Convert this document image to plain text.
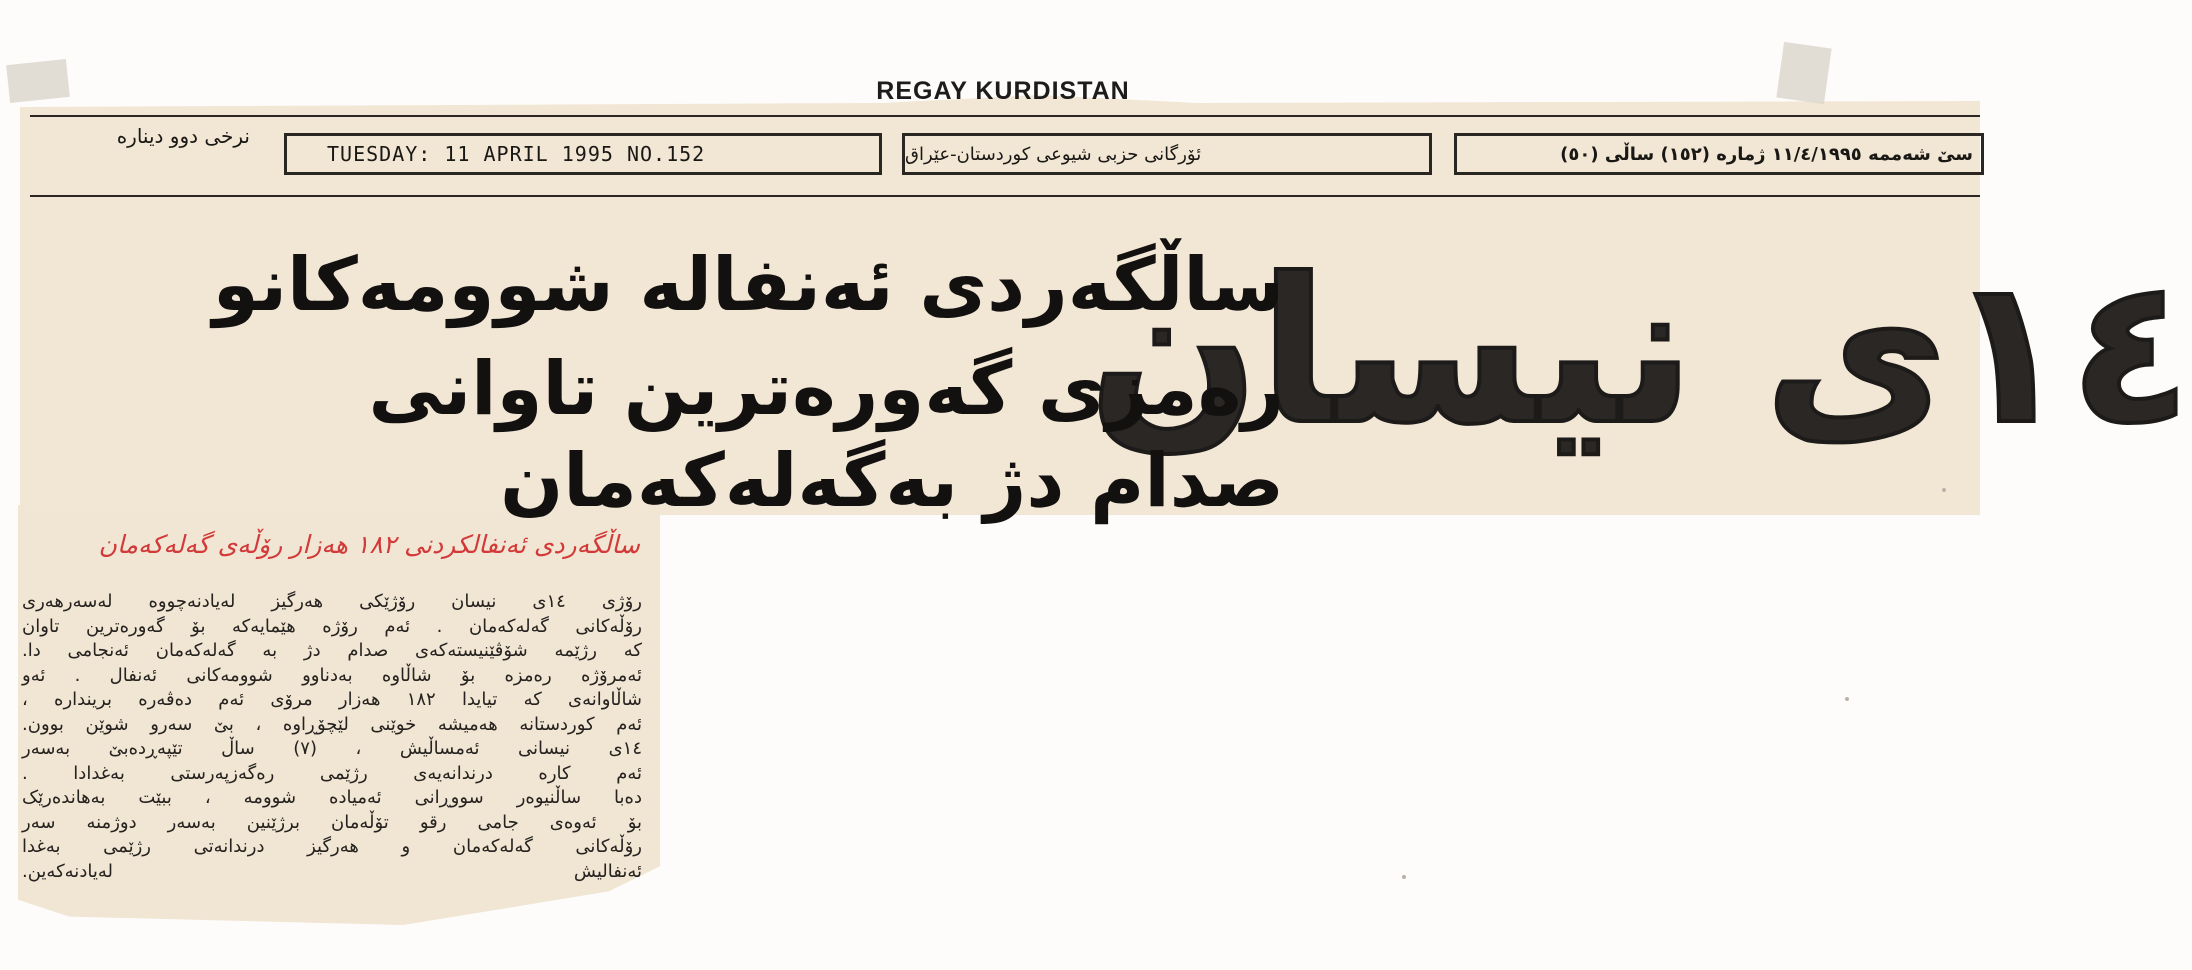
REGAY KURDISTAN
نرخی دوو دیناره
TUESDAY: 11 APRIL 1995 NO.152	ئۆرگانی حزبی شیوعی کوردستان-عێراق	سێ شەممە ١١/٤/١٩٩٥ ژمارە (١٥٢) ساڵی (٥٠)
١٤ی نیسان
ساڵگەردی ئەنفالە شوومەکانو
رەمزی گەورەترین تاوانی
صدام دژ بەگەلەکەمان
ساڵگەردی ئەنفالکردنی ١٨٢ هەزار رۆڵەی گەلەکەمان
رۆژی ١٤ی نیسان رۆژێکی هەرگیز لەیادنەچووە لەسەرهەری
رۆڵەکانی گەلەکەمان . ئەم رۆژە هێمایەکە بۆ گەورەترین تاوان
کە رژێمە شۆڤێنیستەکەی صدام دژ بە گەلەکەمان ئەنجامی دا.
ئەمرۆژە رەمزە بۆ شاڵاوە بەدناوو شوومەکانی ئەنفال . ئەو
شاڵاوانەی کە تیایدا ١٨٢ هەزار مرۆی ئەم دەڤەرە بریندارە ،
ئەم کوردستانە هەمیشە خوێنی لێچۆڕاوە ، بێ سەرو شوێن بوون.
١٤ی نیسانی ئەمساڵیش ، (٧) ساڵ تێپەڕدەبێ بەسەر
ئەم کارە درندانەیەی رژێمی رەگەزپەرستی بەغدادا .
دەبا ساڵنیوەر سووڕانی ئەمیادە شوومە ، ببێت بەهاندەرێک
بۆ ئەوەی جامی رقو تۆڵەمان برژێنین بەسەر دوژمنە سەر
رۆڵەکانی گەلەکەمان و هەرگیز درندانەتی رژێمی بەغدا
ئەنفالیش لەیادنەکەین.
